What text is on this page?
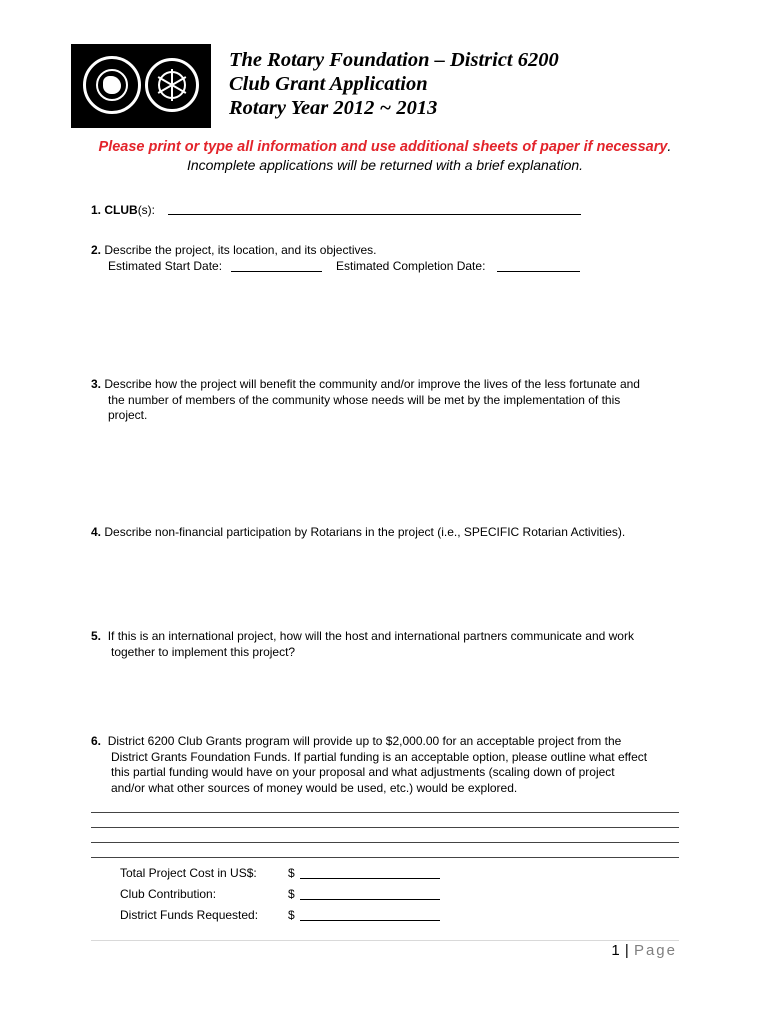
The Rotary Foundation – District 6200
Club Grant Application
Rotary Year 2012 ~ 2013
Please print or type all information and use additional sheets of paper if necessary.
Incomplete applications will be returned with a brief explanation.
1. CLUB(s):
2. Describe the project, its location, and its objectives.
Estimated Start Date:	Estimated Completion Date:
3. Describe how the project will benefit the community and/or improve the lives of the less fortunate and
the number of members of the community whose needs will be met by the implementation of this
project.
4. Describe non-financial participation by Rotarians in the project (i.e., SPECIFIC Rotarian Activities).
5. If this is an international project, how will the host and international partners communicate and work
together to implement this project?
6. District 6200 Club Grants program will provide up to $2,000.00 for an acceptable project from the
District Grants Foundation Funds. If partial funding is an acceptable option, please outline what effect
this partial funding would have on your proposal and what adjustments (scaling down of project
and/or what other sources of money would be used, etc.) would be explored.
Total Project Cost in US$:	$
Club Contribution:	$
District Funds Requested: $
1 | Page
